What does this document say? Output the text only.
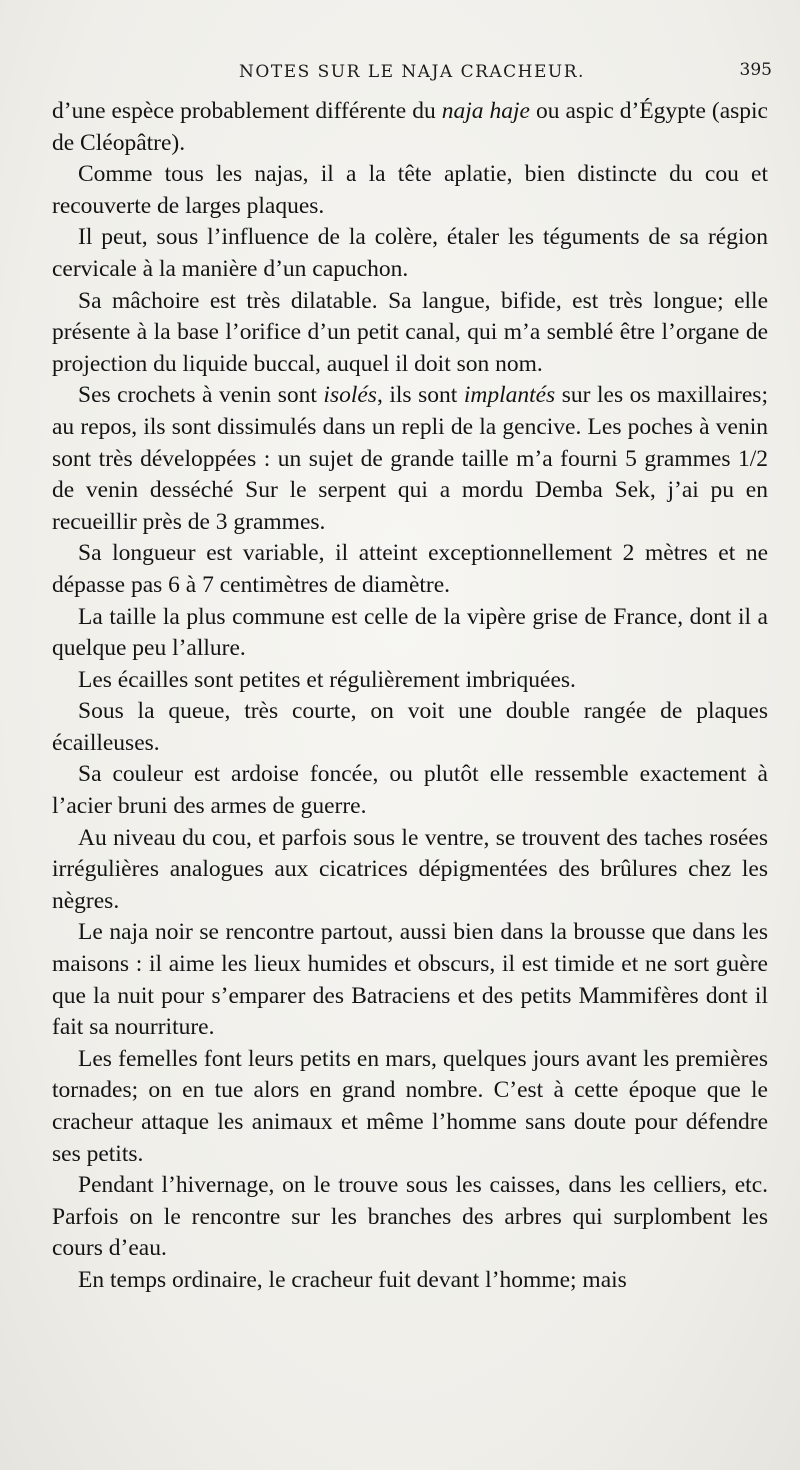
NOTES SUR LE NAJA CRACHEUR.	395

d’une espèce probablement différente du naja haje ou aspic d’Égypte (aspic de Cléopâtre).

Comme tous les najas, il a la tête aplatie, bien distincte du cou et recouverte de larges plaques.

Il peut, sous l’influence de la colère, étaler les téguments de sa région cervicale à la manière d’un capuchon.

Sa mâchoire est très dilatable. Sa langue, bifide, est très longue; elle présente à la base l’orifice d’un petit canal, qui m’a semblé être l’organe de projection du liquide buccal, auquel il doit son nom.

Ses crochets à venin sont isolés, ils sont implantés sur les os maxillaires; au repos, ils sont dissimulés dans un repli de la gencive. Les poches à venin sont très développées : un sujet de grande taille m’a fourni 5 grammes 1/2 de venin desséché Sur le serpent qui a mordu Demba Sek, j’ai pu en recueillir près de 3 grammes.

Sa longueur est variable, il atteint exceptionnellement 2 mètres et ne dépasse pas 6 à 7 centimètres de diamètre.

La taille la plus commune est celle de la vipère grise de France, dont il a quelque peu l’allure.

Les écailles sont petites et régulièrement imbriquées.

Sous la queue, très courte, on voit une double rangée de plaques écailleuses.

Sa couleur est ardoise foncée, ou plutôt elle ressemble exactement à l’acier bruni des armes de guerre.

Au niveau du cou, et parfois sous le ventre, se trouvent des taches rosées irrégulières analogues aux cicatrices dépigmentées des brûlures chez les nègres.

Le naja noir se rencontre partout, aussi bien dans la brousse que dans les maisons : il aime les lieux humides et obscurs, il est timide et ne sort guère que la nuit pour s’emparer des Batraciens et des petits Mammifères dont il fait sa nourriture.

Les femelles font leurs petits en mars, quelques jours avant les premières tornades; on en tue alors en grand nombre. C’est à cette époque que le cracheur attaque les animaux et même l’homme sans doute pour défendre ses petits.

Pendant l’hivernage, on le trouve sous les caisses, dans les celliers, etc. Parfois on le rencontre sur les branches des arbres qui surplombent les cours d’eau.

En temps ordinaire, le cracheur fuit devant l’homme; mais
